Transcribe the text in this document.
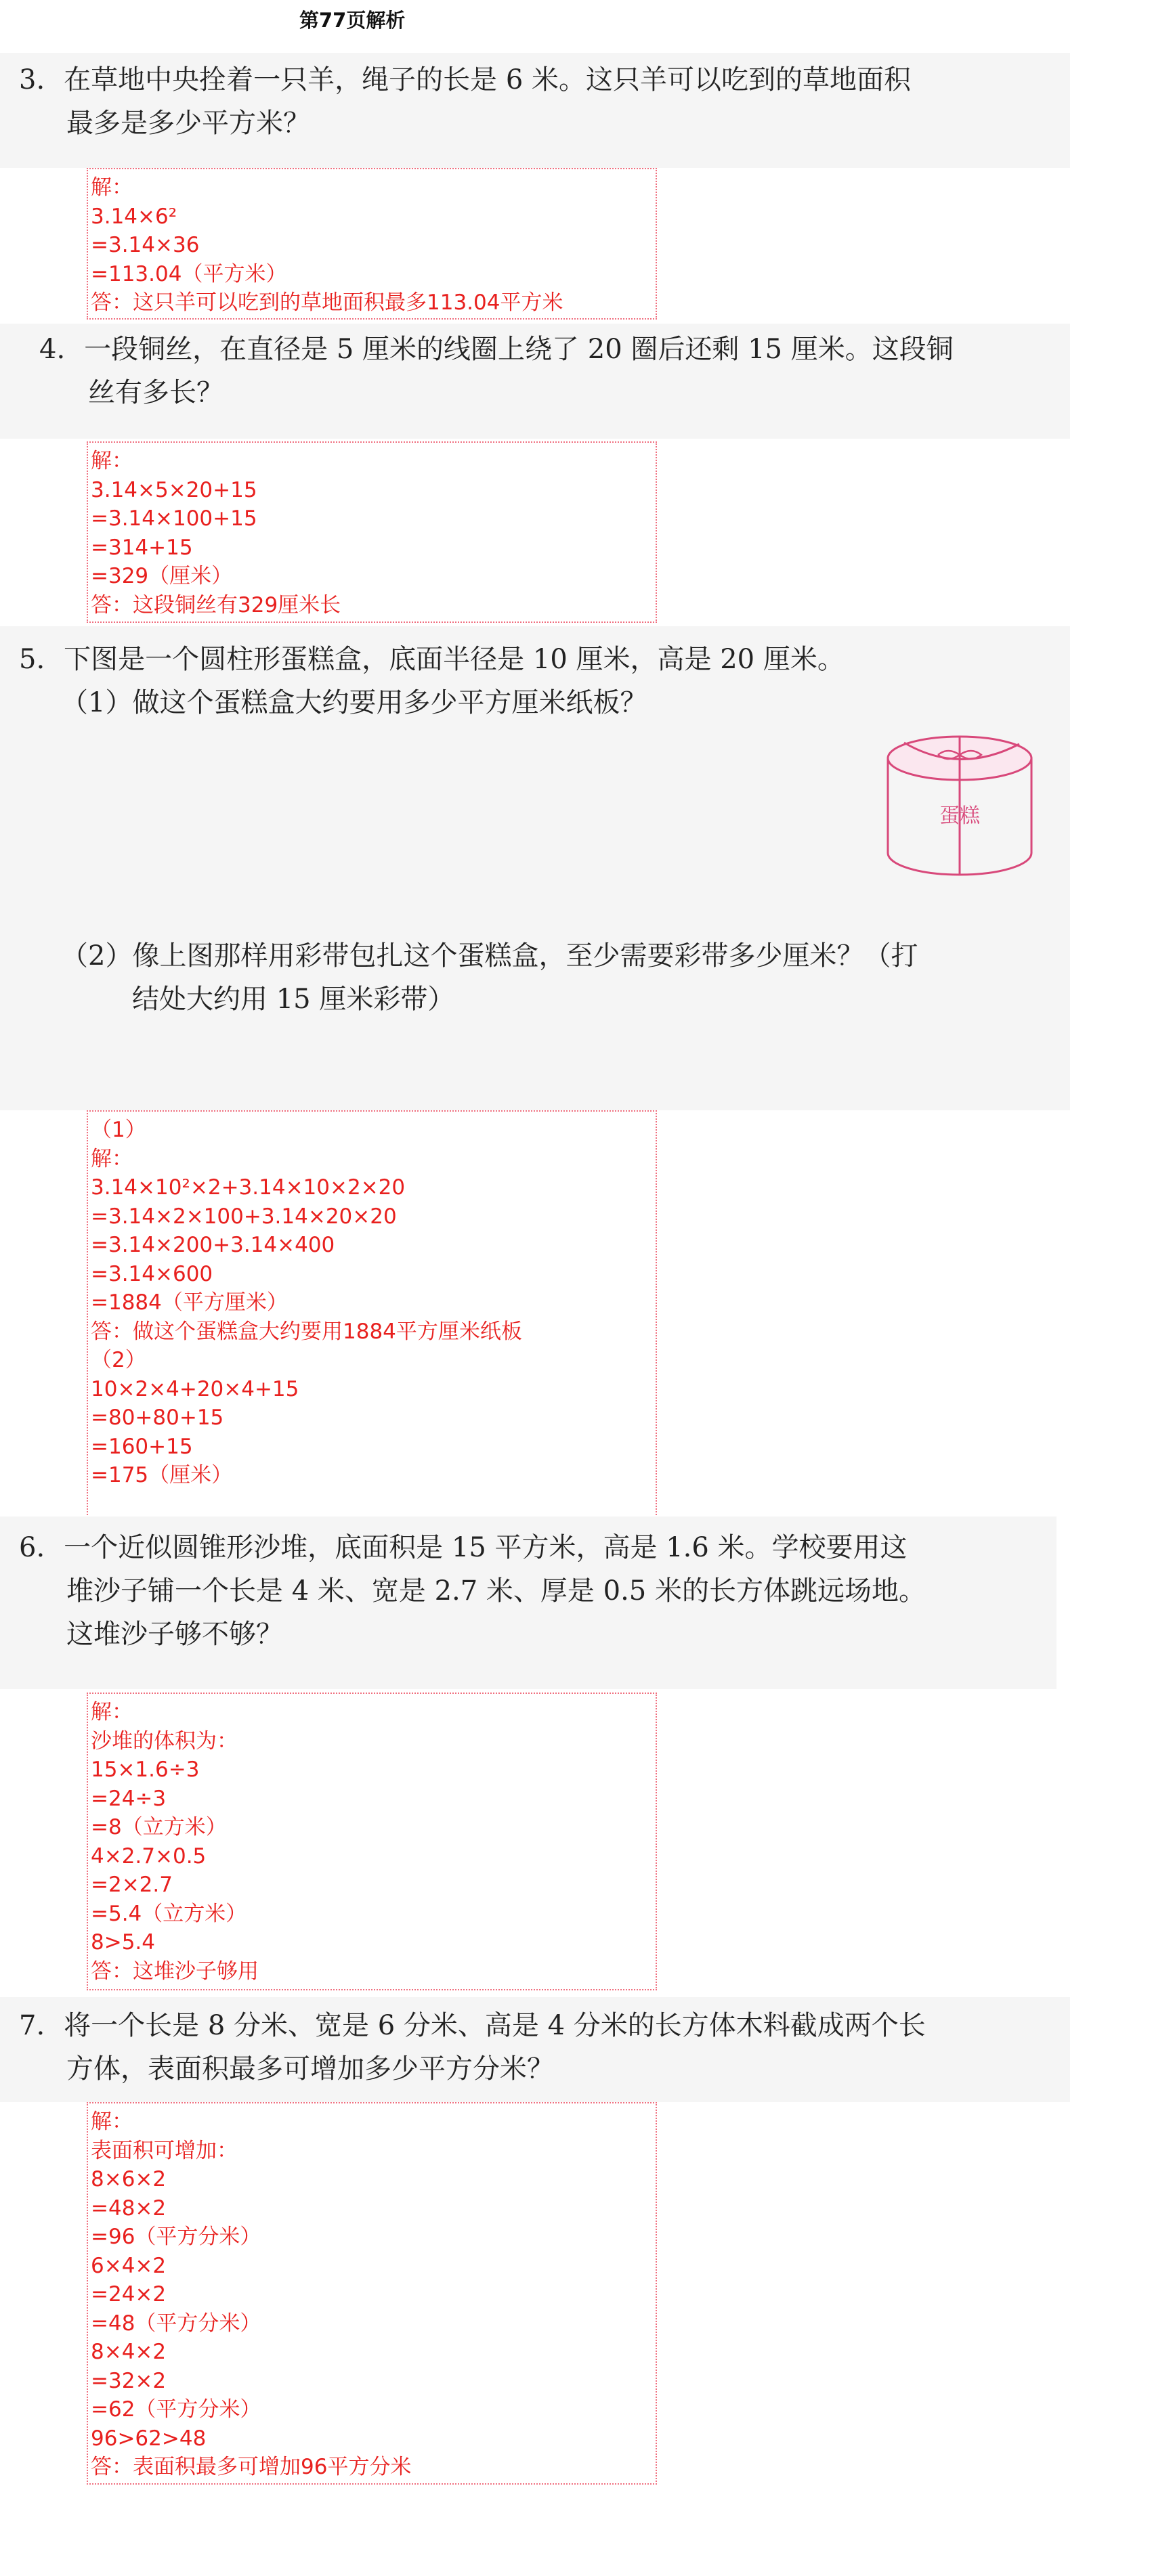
第77页解析
3. 在草地中央拴着一只羊，绳子的长是 6 米。这只羊可以吃到的草地面积
最多是多少平方米？
解：
3.14×6²
=3.14×36
=113.04（平方米）
答：这只羊可以吃到的草地面积最多113.04平方米
4. 一段铜丝，在直径是 5 厘米的线圈上绕了 20 圈后还剩 15 厘米。这段铜
丝有多长？
解：
3.14×5×20+15
=3.14×100+15
=314+15
=329（厘米）
答：这段铜丝有329厘米长
5. 下图是一个圆柱形蛋糕盒，底面半径是 10 厘米，高是 20 厘米。
（1）做这个蛋糕盒大约要用多少平方厘米纸板？
蛋糕
（2）像上图那样用彩带包扎这个蛋糕盒，至少需要彩带多少厘米？（打
结处大约用 15 厘米彩带）
（1）
解：
3.14×10²×2+3.14×10×2×20
=3.14×2×100+3.14×20×20
=3.14×200+3.14×400
=3.14×600
=1884（平方厘米）
答：做这个蛋糕盒大约要用1884平方厘米纸板
（2）
10×2×4+20×4+15
=80+80+15
=160+15
=175（厘米）
6. 一个近似圆锥形沙堆，底面积是 15 平方米，高是 1.6 米。学校要用这
堆沙子铺一个长是 4 米、宽是 2.7 米、厚是 0.5 米的长方体跳远场地。
这堆沙子够不够？
解：
沙堆的体积为：
15×1.6÷3
=24÷3
=8（立方米）
4×2.7×0.5
=2×2.7
=5.4（立方米）
8>5.4
答：这堆沙子够用
7. 将一个长是 8 分米、宽是 6 分米、高是 4 分米的长方体木料截成两个长
方体，表面积最多可增加多少平方分米？
解：
表面积可增加：
8×6×2
=48×2
=96（平方分米）
6×4×2
=24×2
=48（平方分米）
8×4×2
=32×2
=62（平方分米）
96>62>48
答：表面积最多可增加96平方分米
